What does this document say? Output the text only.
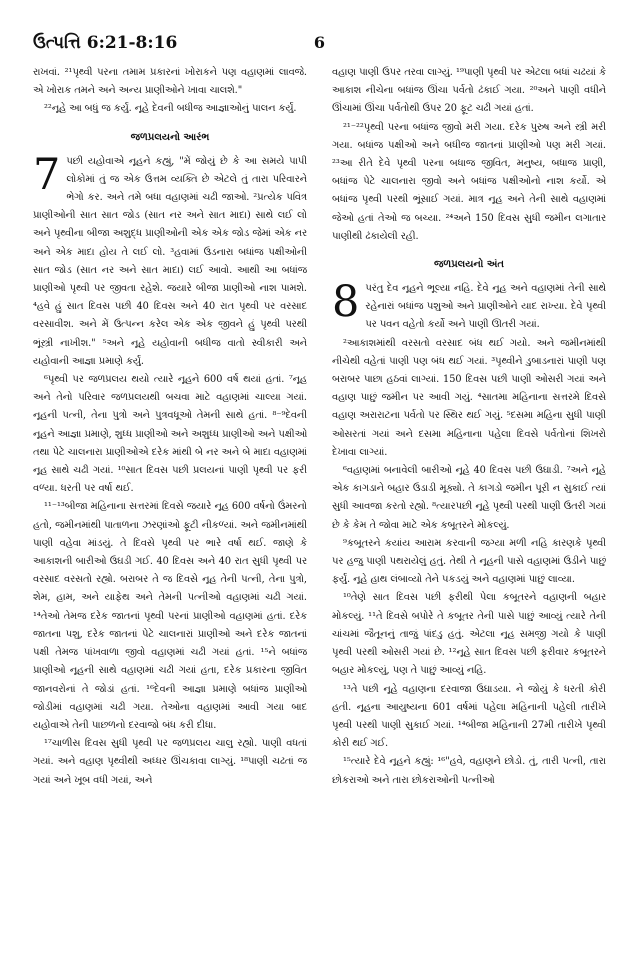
ઉત્પત્તિ 6:21-8:16	6

રાખવાં. ²¹પૃથ્વી પરના તમામ પ્રકારનાં ખોરાકને પણ વહાણમાં લાવજે. એ ખોરાક તમને અને અન્ય પ્રાણીઓને ખાવા ચાલશે."

²²નૂહે આ બધું જ કર્યું. નૂહે દેવની બધીજ આજ્ઞાઓનું પાલન કર્યું.

જળપ્રલયનો આરંભ

7 પછી યહોવાએ નૂહને કહ્યું, "મેં જોયું છે કે આ સમયે પાપી લોકોમાં તું જ એક ઉત્તમ વ્યક્તિ છે એટલે તું તારા પરિવારને ભેગો કર. અને તમે બધા વહાણમાં ચઢી જાઓ. ²પ્રત્યેક પવિત્ર પ્રાણીઓની સાત સાત જોડ (સાત નર અને સાત માદા) સાથે લઈ લો અને પૃથ્વીના બીજા અશુદ્ધ પ્રાણીઓની એક એક જોડ જેમાં એક નર અને એક માદા હોય તે લઈ લો. ³હવામાં ઉડનારા બધાંજ પક્ષીઓની સાત જોડ (સાત નર અને સાત માદા) લઈ આવો. આથી આ બધાંજ પ્રાણીઓ પૃથ્વી પર જીવતા રહેશે. જયારે બીજા પ્રાણીઓ નાશ પામશે. ⁴હવે હું સાત દિવસ પછી 40 દિવસ અને 40 રાત પૃથ્વી પર વરસાદ વરસાવીશ. અને મેં ઉત્પન્ન કરેલ એક એક જીવને હું પૃથ્વી પરથી ભૂંસ્ત્રી નાખીશ." ⁵અને નૂહે યહોવાની બધીજ વાતો સ્વીકારી અને યહોવાની આજ્ઞા પ્રમાણે કર્યું.

⁶પૃથ્વી પર જળપ્રલય થયો ત્યારે નૂહને 600 વર્ષ થયાં હતાં. ⁷નૂહ અને તેનો પરિવાર જળપ્રલયથી બચવા માટે વહાણમાં ચાલ્યા ગયાં. નૂહની પત્ની, તેના પુત્રો અને પુત્રવધૂઓ તેમની સાથે હતાં. ⁸⁻⁹દેવની નૂહને આજ્ઞા પ્રમાણે, શુધ્ધ પ્રાણીઓ અને અશુધ્ધ પ્રાણીઓ અને પક્ષીઓ તથા પેટે ચાલનારા પ્રાણીઓએ દરેક માંથી બે નર અને બે માદા વહાણમાં નૂહ સાથે ચઢી ગયાં. ¹⁰સાત દિવસ પછી પ્રલયનાં પાણી પૃથ્વી પર ફરી વળ્યા. ધરતી પર વર્ષા થઈ.

¹¹⁻¹³બીજા મહિનાના સત્તરમાં દિવસે જયારે નૂહ 600 વર્ષનો ઉંમરનો હતો, જમીનમાંથી પાતાળના ઝરણાંઓ ફૂટી નીકળ્યાં. અને જમીનમાંથી પાણી વહેવા માંડયું. તે દિવસે પૃથ્વી પર ભારે વર્ષા થઈ. જાણે કે આકાશની બારીઓ ઉઘડી ગઈ. 40 દિવસ અને 40 રાત સુધી પૃથ્વી પર વરસાદ વરસતો રહ્યો. બરાબર તે જ દિવસે નૂહ તેની પત્ની, તેના પુત્રો, શેમ, હામ, અને યાફેથ અને તેમની પત્નીઓ વહાણમાં ચઢી ગયાં. ¹⁴તેઓ તેમજ દરેક જાતનાં પૃથ્વી પરનાં પ્રાણીઓ વહાણમાં હતાં. દરેક જાતના પશુ, દરેક જાતનાં પેટે ચાલનારાં પ્રાણીઓ અને દરેક જાતનાં પક્ષી તેમજ પાંખવાળા જીવો વહાણમાં ચઢી ગયાં હતાં. ¹⁵ને બધાંજ પ્રાણીઓ નૂહની સાથે વહાણમાં ચઢી ગયાં હતા, દરેક પ્રકારના જીવિત જાનવરોનાં તે જોડાં હતાં. ¹⁶દેવની આજ્ઞા પ્રમાણે બધાંજ પ્રાણીઓ જોડીમાં વહાણમાં ચઢી ગયા. તેઓના વહાણમાં આવી ગયા બાદ યહોવાએ તેની પાછળનો દરવાજો બંધ કરી દીધા.

¹⁷ચાળીસ દિવસ સુધી પૃથ્વી પર જળપ્રલય ચાલુ રહ્યો. પાણી વધતાં ગયાં. અને વહાણ પૃથ્વીથી અધ્ધર ઊંચકાવા લાગ્યું. ¹⁸પાણી ચઢતાં જ ગયાં અને ખૂબ વધી ગયાં, અને

વહાણ પાણી ઉપર તરવા લાગ્યું. ¹⁹પાણી પૃથ્વી પર એટલા બધાં ચઢયાં કે આકાશ નીચેના બધાંજ ઊંચા પર્વતો ઢંકાઈ ગયા. ²⁰અને પાણી વધીને ઊંચામાં ઊંચા પર્વતોથી ઉપર 20 ફૂટ ચઢી ગયાં હતાં.

²¹⁻²²પૃથ્વી પરના બધાંજ જીવો મરી ગયા. દરેક પુરુષ અને સ્ત્રી મરી ગયા. બધાંજ પક્ષીઓ અને બધીજ જાતનાં પ્રાણીઓ પણ મરી ગયાં. ²³આ રીતે દેવે પૃથ્વી પરના બધાજ જીવિત, મનુષ્ય, બધાજ પ્રાણી, બધાંજ પેટે ચાલનારા જીવો અને બધાંજ પક્ષીઓનો નાશ કર્યો. એ બધાંજ પૃથ્વી પરથી ભૂંસાઈ ગયાં. માત્ર નૂહ અને તેની સાથે વહાણમાં જેઓ હતાં તેઓ જ બચ્યા. ²⁴અને 150 દિવસ સુધી જમીન લગાતાર પાણીથી ઢંકાયેલી રહી.

જળપ્રલયનો અંત

8 પરંતુ દેવ નૂહને ભૂલ્યા નહિ. દેવે નૂહ અને વહાણમાં તેની સાથે રહેનારાં બધાંજ પશુઓ અને પ્રાણીઓને યાદ રાખ્યા. દેવે પૃથ્વી પર પવન વહેતો કર્યો અને પાણી ઊતરી ગયાં.

²આકાશમાંથી વરસતો વરસાદ બંધ થઈ ગયો. અને જમીનમાંથી નીચેથી વહેતાં પાણી પણ બંધ થઈ ગયાં. ³પૃથ્વીને ડુબાડનારાં પાણી પણ બરાબર પાછા હઠવાં લાગ્યાં. 150 દિવસ પછી પાણી ઓસરી ગયાં અને વહાણ પાછું જમીન પર આવી ગયું. ⁴સાતમા મહિનાના સત્તરમે દિવસે વહાણ અરારાટના પર્વતો પર સ્થિર થઈ ગયું. ⁵દસમા મહિના સુધી પાણી ઓસરતાં ગયાં અને દસમા મહિનાના પહેલા દિવસે પર્વતોનાં શિખરો દેખાવા લાગ્યાં.

⁶વહાણમાં બનાવેલી બારીઓ નૂહે 40 દિવસ પછી ઉઘાડી. ⁷અને નૂહે એક કાગડાને બહાર ઉડાડી મૂક્યો. તે કાગડો જમીન પૂરી ન સુકાઈ ત્યાં સુધી આવજા કરતો રહ્યો. ⁸ત્યારપછી નૂહે પૃથ્વી પરથી પાણી ઉતરી ગયાં છે કે કેમ તે જોવા માટે એક કબૂતરને મોકલ્યું.

⁹કબૂતરને કયાંય આરામ કરવાની જગ્યા મળી નહિ કારણકે પૃથ્વી પર હજુ પાણી પથરાયેલું હતું. તેથી તે નૂહની પાસે વહાણમાં ઉડીને પાછું ફર્યું. નૂહે હાથ લંબાવ્યો તેને પકડયું અને વહાણમાં પાછું લાવ્યા.

¹⁰તેણે સાત દિવસ પછી ફરીથી પેલા કબૂતરને વહાણની બહાર મોકલ્યું. ¹¹તે દિવસે બપોરે તે કબૂતર તેની પાસે પાછું આવ્યું ત્યારે તેની ચાંચમાં જૈતૂનનું તાજું પાંદડુ હતું. એટલા નૂહ સમજી ગયો કે પાણી પૃથ્વી પરથી ઓસરી ગયાં છે. ¹²નૂહે સાત દિવસ પછી ફરીવાર કબૂતરને બહાર મોકલ્યું, પણ તે પાછું આવ્યું નહિ.

¹³તે પછી નૂહે વહાણના દરવાજા ઉઘાડયા. ને જોયું કે ધરતી કોરી હતી. નૂહના આયુષ્યના 601 વર્ષમાં પહેલા મહિનાની પહેલી તારીખે પૃથ્વી પરથી પાણી સુકાઈ ગયાં. ¹⁴બીજા મહિનાની 27મી તારીખે પૃથ્વી કોરી થઈ ગઈ.

¹⁵ત્યારે દેવે નૂહને કહ્યું: ¹⁶"હવે, વહાણને છોડો. તું, તારી પત્ની, તારા છોકરાઓ અને તારા છોકરાઓની પત્નીઓ
